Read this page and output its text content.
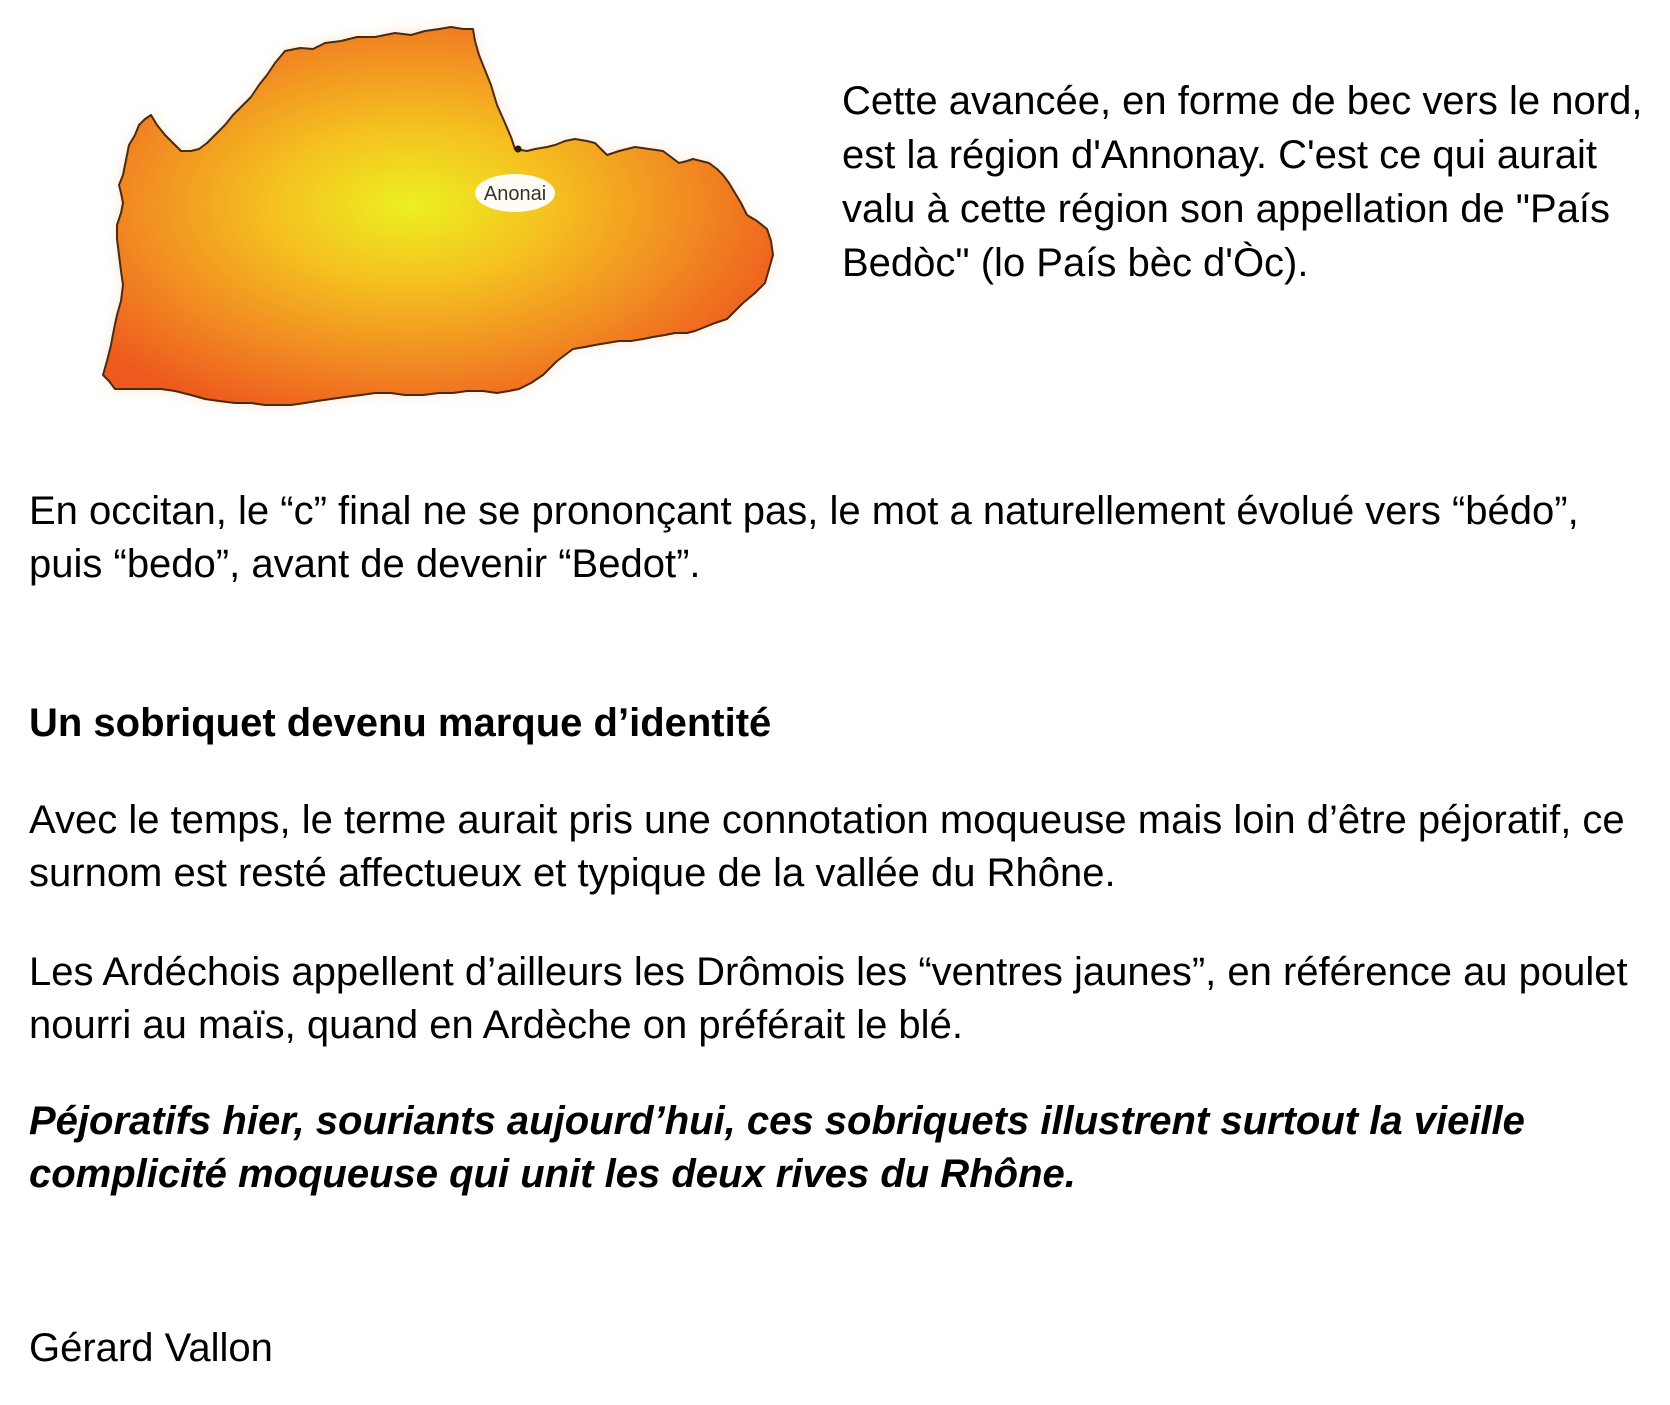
Anonai

Cette avancée, en forme de bec vers le nord, est la région d'Annonay. C'est ce qui aurait valu à cette région son appellation de "País Bedòc" (lo País bèc d'Òc).

En occitan, le “c” final ne se prononçant pas, le mot a naturellement évolué vers “bédo”, puis “bedo”, avant de devenir “Bedot”.

Un sobriquet devenu marque d’identité

Avec le temps, le terme aurait pris une connotation moqueuse mais loin d’être péjoratif, ce surnom est resté affectueux et typique de la vallée du Rhône.

Les Ardéchois appellent d’ailleurs les Drômois les “ventres jaunes”, en référence au poulet nourri au maïs, quand en Ardèche on préférait le blé.

Péjoratifs hier, souriants aujourd’hui, ces sobriquets illustrent surtout la vieille complicité moqueuse qui unit les deux rives du Rhône.

Gérard Vallon
